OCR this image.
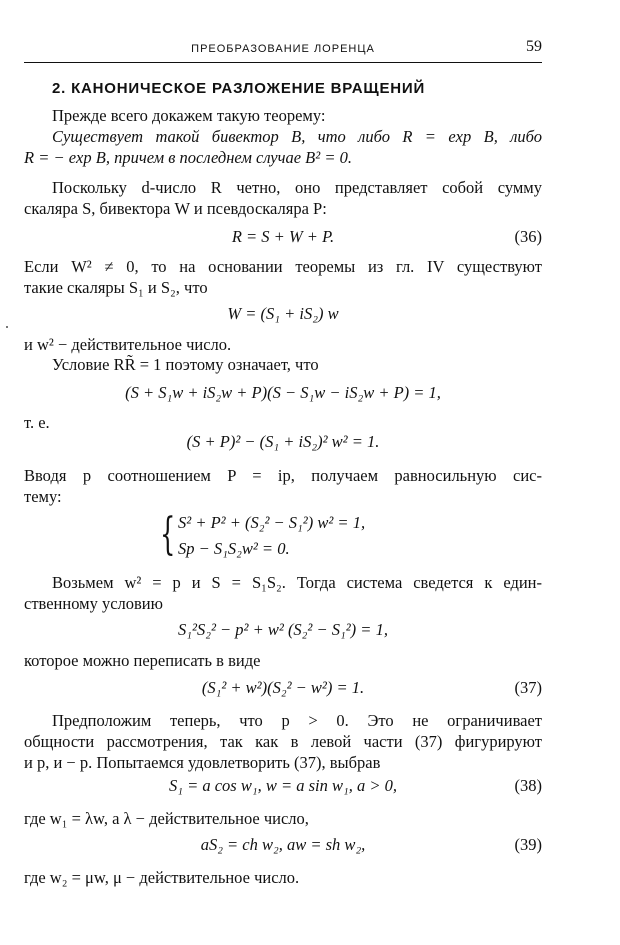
ПРЕОБРАЗОВАНИЕ ЛОРЕНЦА	59
2. КАНОНИЧЕСКОЕ РАЗЛОЖЕНИЕ ВРАЩЕНИЙ
Прежде всего докажем такую теорему:
Существует такой бивектор B, что либо R = exp B, либо
R = − exp B, причем в последнем случае B² = 0.
Поскольку d-число R четно, оно представляет собой сумму
скаляра S, бивектора W и псевдоскаляра P:
R = S + W + P.	(36)
Если W² ≠ 0, то на основании теоремы из гл. IV существуют
такие скаляры S₁ и S₂, что
W = (S₁ + iS₂) w
и w² − действительное число.
Условие RR̃ = 1 поэтому означает, что
(S + S₁w + iS₂w + P)(S − S₁w − iS₂w + P) = 1,
т. е.
(S + P)² − (S₁ + iS₂)² w² = 1.
Вводя p соотношением P = ip, получаем равносильную сис-
тему:
{ S² + P² + (S₂² − S₁²) w² = 1,
Sp − S₁S₂w² = 0.
Возьмем w² = p и S = S₁S₂. Тогда система сведется к един-
ственному условию
S₁²S₂² − p² + w² (S₂² − S₁²) = 1,
которое можно переписать в виде
(S₁² + w²)(S₂² − w²) = 1.	(37)
Предположим теперь, что p > 0. Это не ограничивает
общности рассмотрения, так как в левой части (37) фигурируют
и p, и − p. Попытаемся удовлетворить (37), выбрав
S₁ = a cos w₁, w = a sin w₁, a > 0,	(38)
где w₁ = λw, а λ − действительное число,
aS₂ = ch w₂, aw = sh w₂,	(39)
где w₂ = μw, μ − действительное число.
